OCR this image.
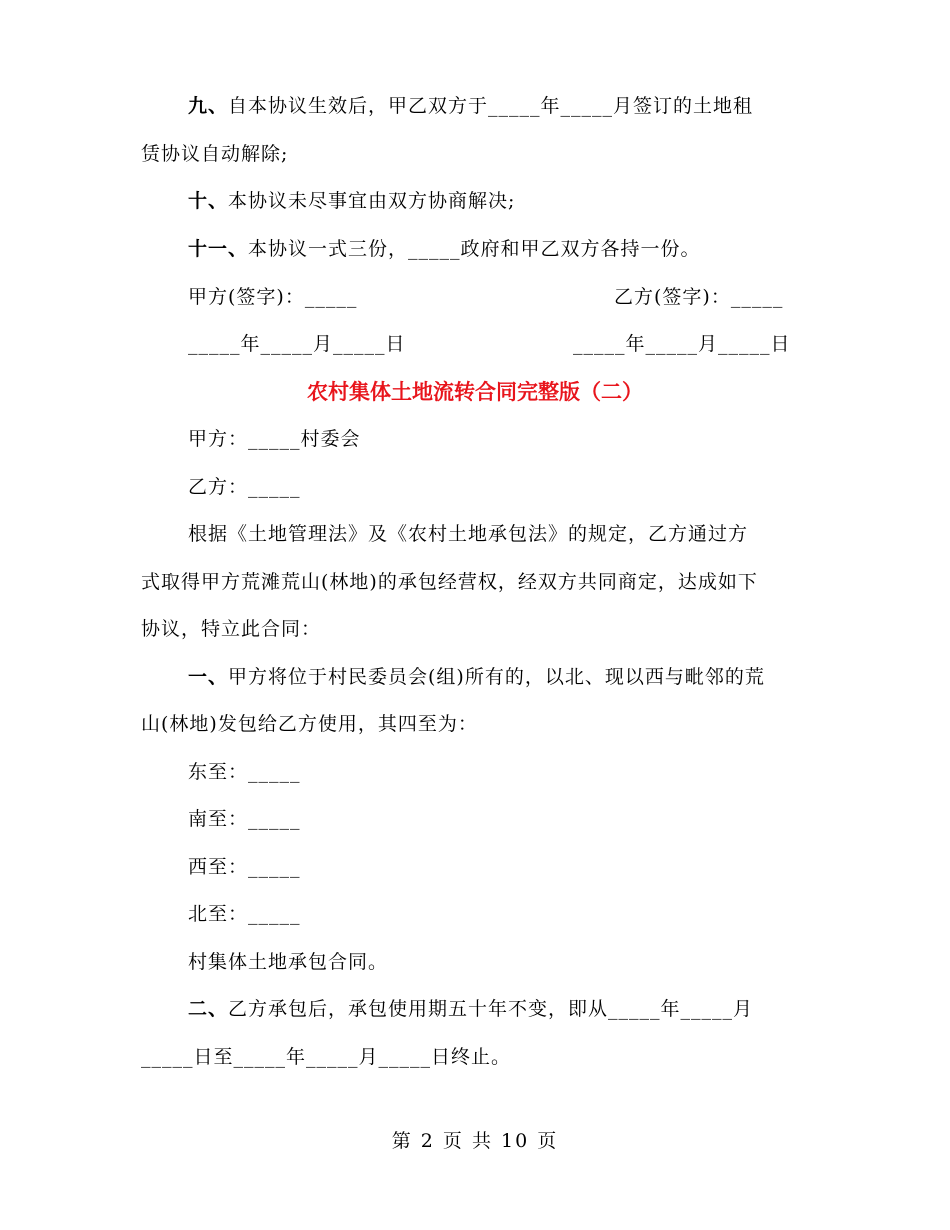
九、自本协议生效后，甲乙双方于_____年_____月签订的土地租
赁协议自动解除;
十、本协议未尽事宜由双方协商解决;
十一、本协议一式三份，_____政府和甲乙双方各持一份。
甲方(签字)：_____	乙方(签字)：_____
_____年_____月_____日	_____年_____月_____日
农村集体土地流转合同完整版（二）
甲方：_____村委会
乙方：_____
根据《土地管理法》及《农村土地承包法》的规定，乙方通过方
式取得甲方荒滩荒山(林地)的承包经营权，经双方共同商定，达成如下
协议，特立此合同：
一、甲方将位于村民委员会(组)所有的，以北、现以西与毗邻的荒
山(林地)发包给乙方使用，其四至为：
东至：_____
南至：_____
西至：_____
北至：_____
村集体土地承包合同。
二、乙方承包后，承包使用期五十年不变，即从_____年_____月
_____日至_____年_____月_____日终止。
第 2 页 共 10 页
